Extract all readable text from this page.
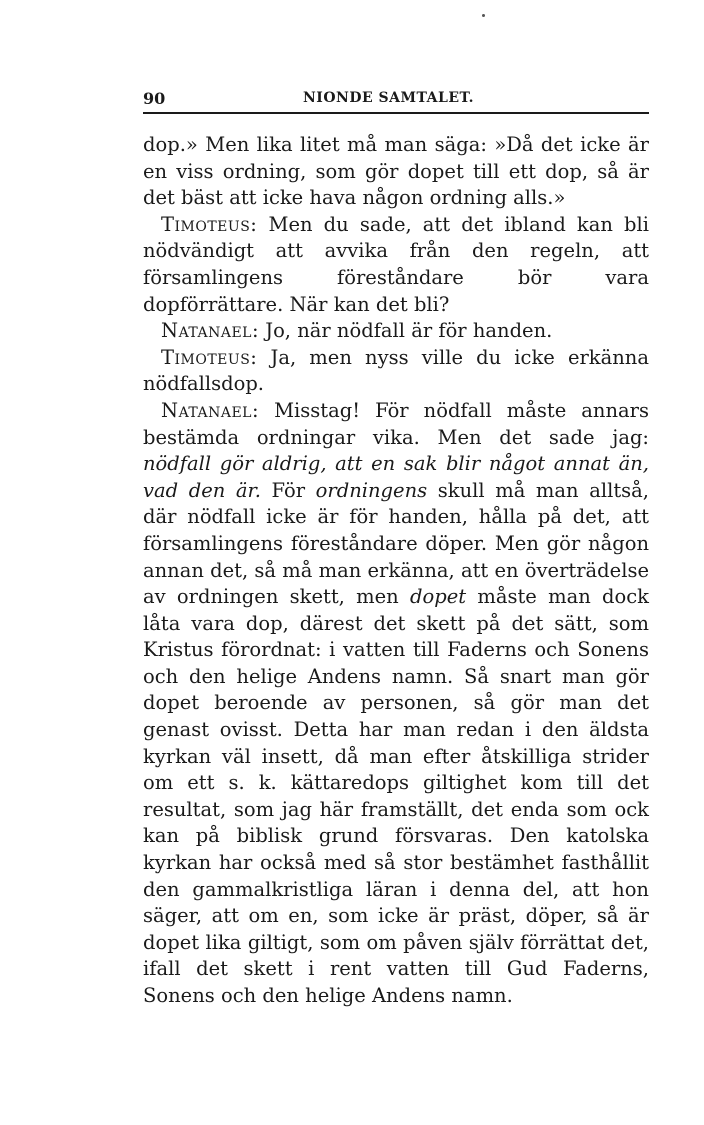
90	NIONDE SAMTALET.

dop.» Men lika litet må man säga: »Då det icke är en viss ordning, som gör dopet till ett dop, så är det bäst att icke hava någon ordning alls.»

Timoteus: Men du sade, att det ibland kan bli nödvändigt att avvika från den regeln, att församlingens föreståndare bör vara dopförrättare. När kan det bli?

Natanael: Jo, när nödfall är för handen.

Timoteus: Ja, men nyss ville du icke erkänna nödfallsdop.

Natanael: Misstag! För nödfall måste annars bestämda ordningar vika. Men det sade jag: nödfall gör aldrig, att en sak blir något annat än, vad den är. För ordningens skull må man alltså, där nödfall icke är för handen, hålla på det, att församlingens föreståndare döper. Men gör någon annan det, så må man erkänna, att en överträdelse av ordningen skett, men dopet måste man dock låta vara dop, därest det skett på det sätt, som Kristus förordnat: i vatten till Faderns och Sonens och den helige Andens namn. Så snart man gör dopet beroende av personen, så gör man det genast ovisst. Detta har man redan i den äldsta kyrkan väl insett, då man efter åtskilliga strider om ett s. k. kättaredops giltighet kom till det resultat, som jag här framställt, det enda som ock kan på biblisk grund försvaras. Den katolska kyrkan har också med så stor bestämhet fasthållit den gammalkristliga läran i denna del, att hon säger, att om en, som icke är präst, döper, så är dopet lika giltigt, som om påven själv förrättat det, ifall det skett i rent vatten till Gud Faderns, Sonens och den helige Andens namn.
